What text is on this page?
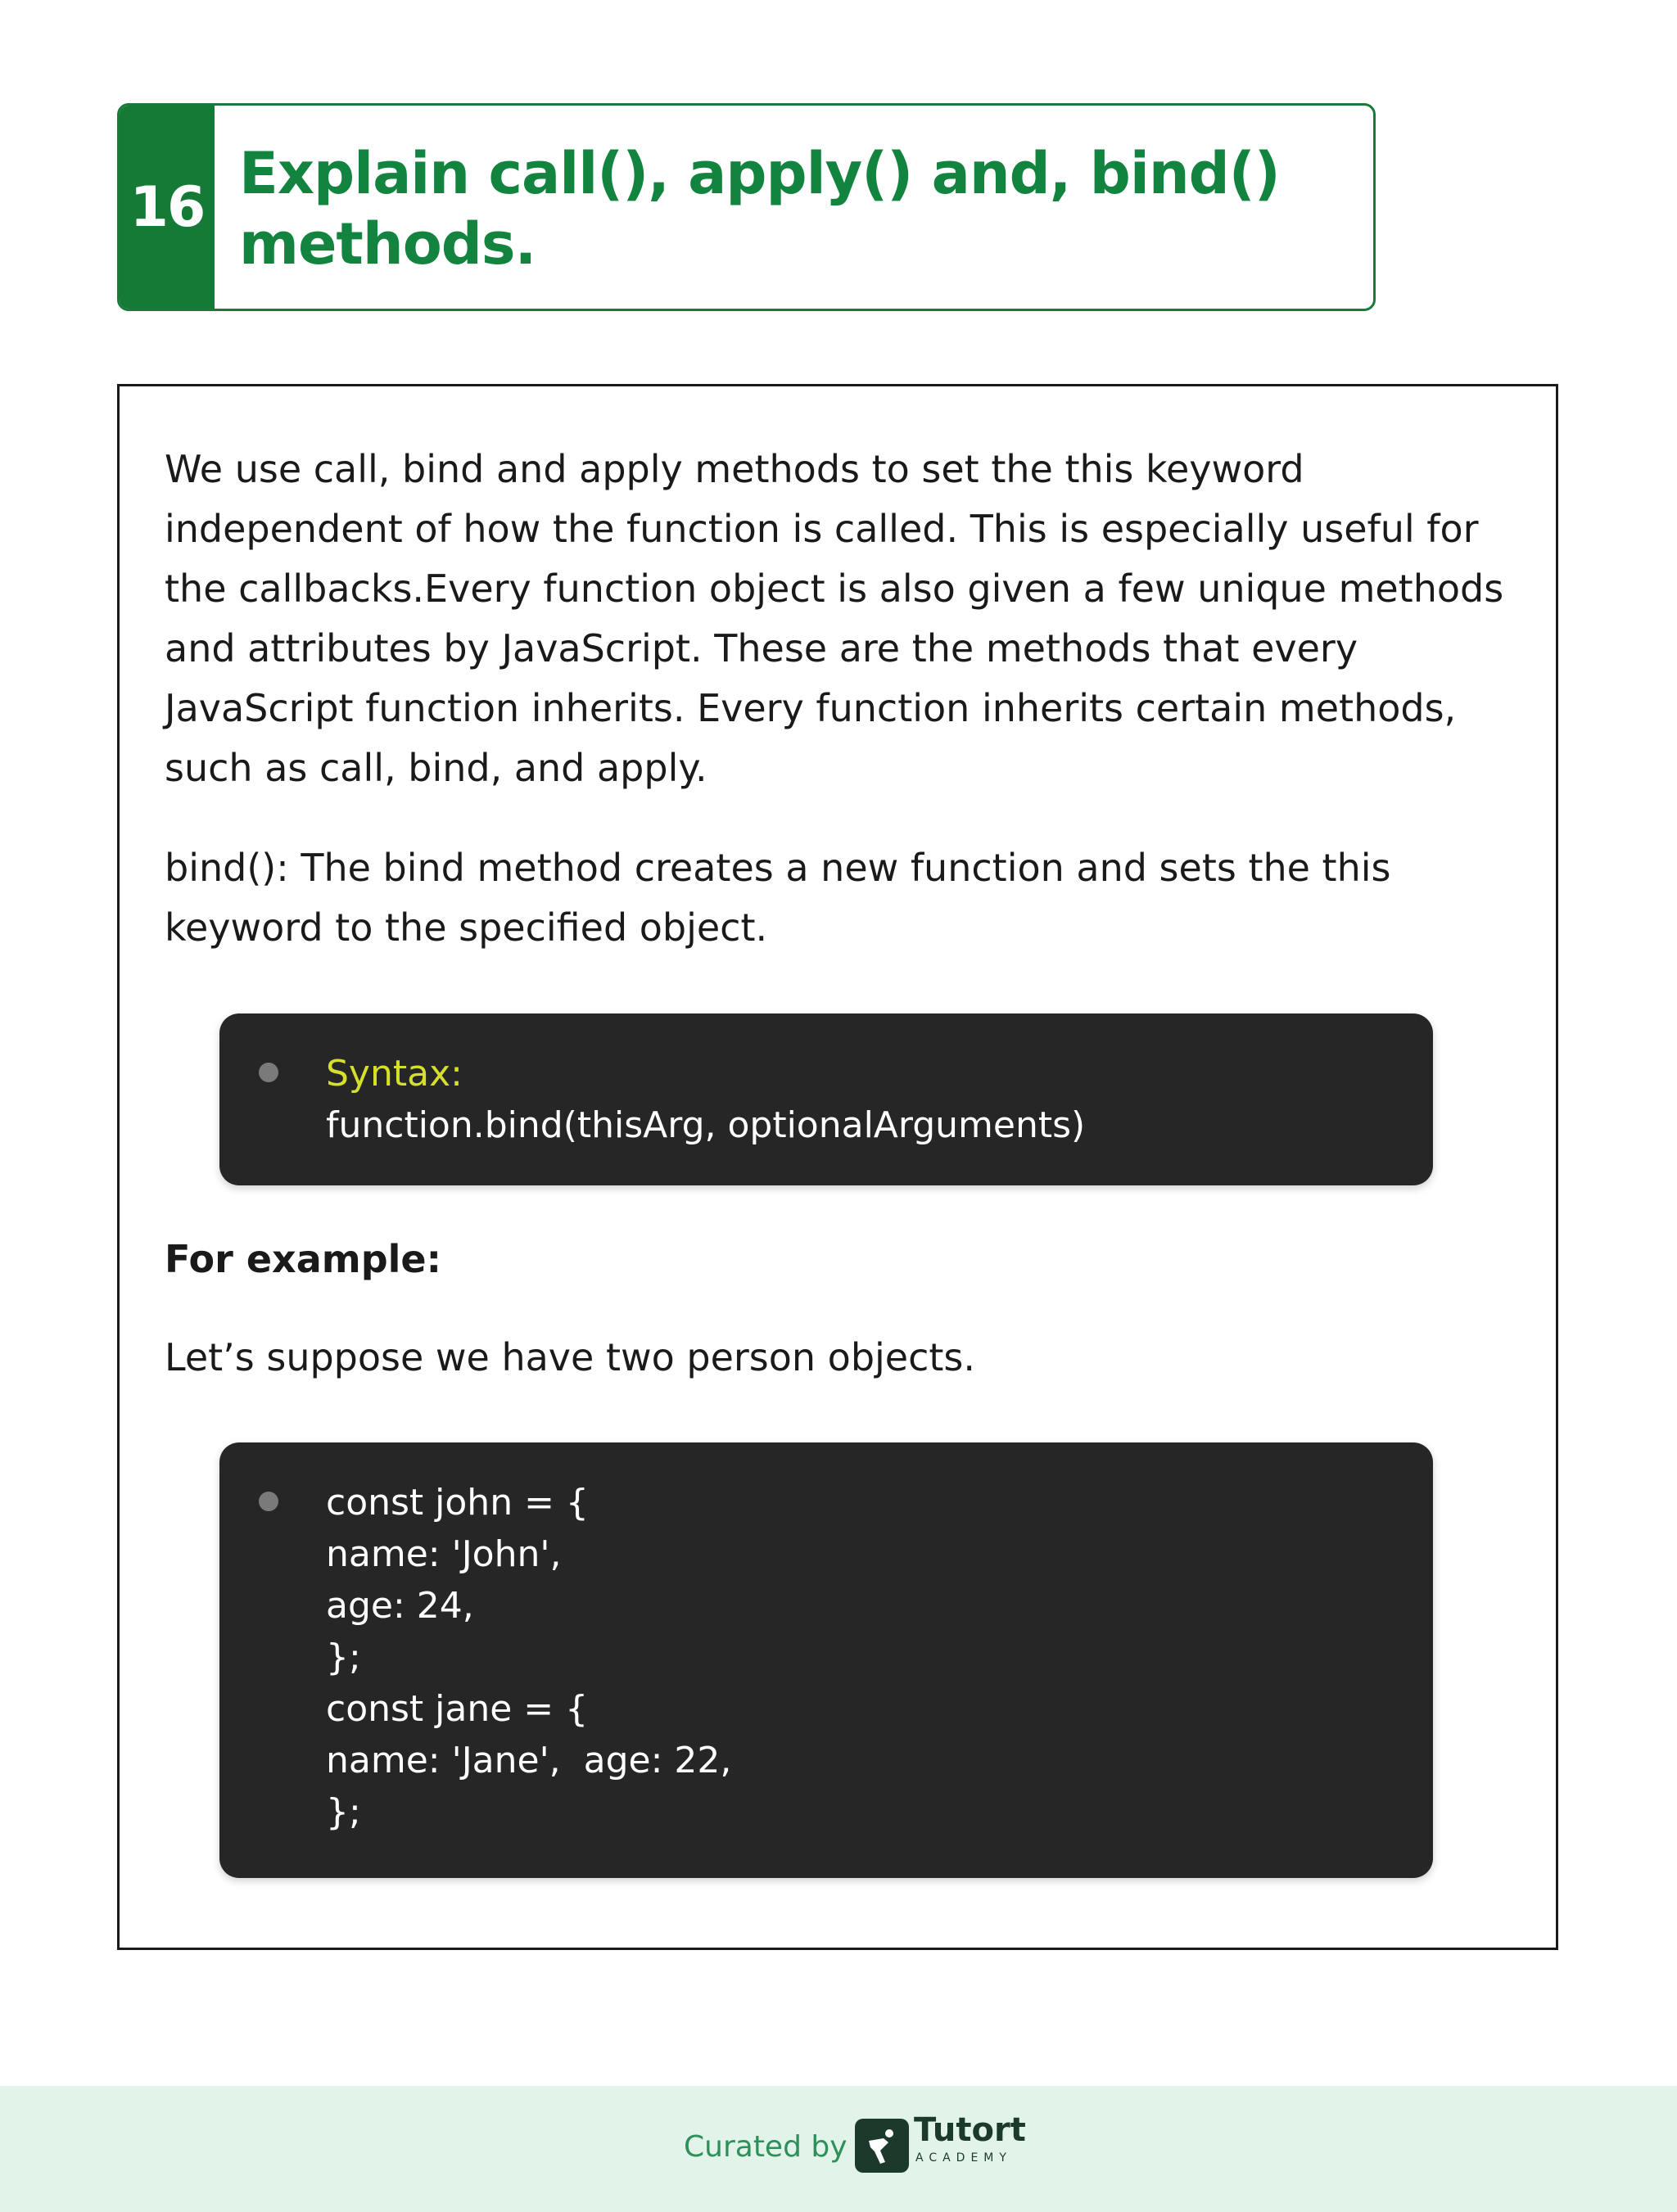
16 Explain call(), apply() and, bind() methods.

We use call, bind and apply methods to set the this keyword independent of how the function is called. This is especially useful for the callbacks.Every function object is also given a few unique methods and attributes by JavaScript. These are the methods that every JavaScript function inherits. Every function inherits certain methods, such as call, bind, and apply.

bind(): The bind method creates a new function and sets the this keyword to the specified object.

Syntax:
function.bind(thisArg, optionalArguments)

For example:

Let’s suppose we have two person objects.

const john = {
name: 'John',
age: 24,
};
const jane = {
name: 'Jane',  age: 22,
};
Curated by Tutort
ACADEMY
